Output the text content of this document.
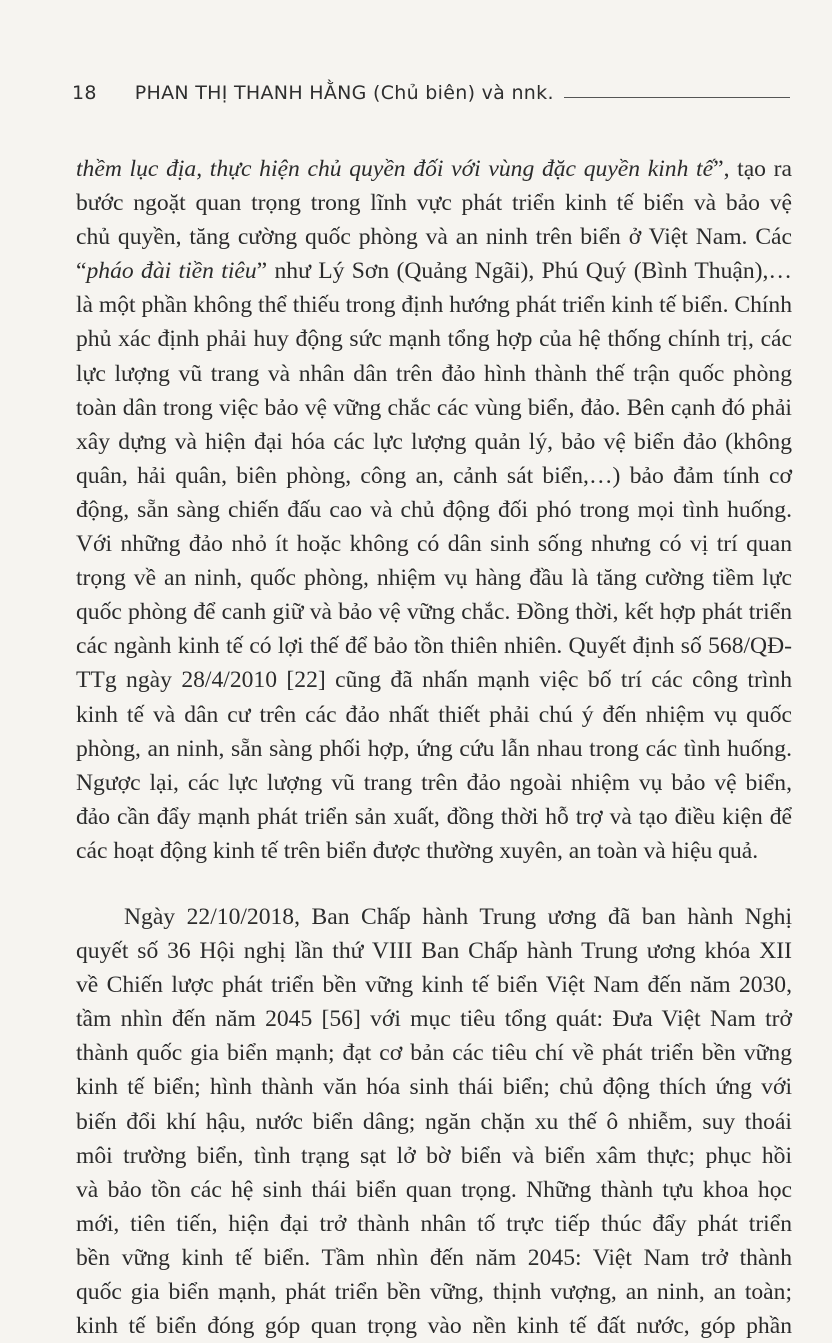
18 PHAN THỊ THANH HẰNG (Chủ biên) và nnk.
thềm lục địa, thực hiện chủ quyền đối với vùng đặc quyền kinh tế”, tạo ra
bước ngoặt quan trọng trong lĩnh vực phát triển kinh tế biển và bảo vệ
chủ quyền, tăng cường quốc phòng và an ninh trên biển ở Việt Nam. Các
“pháo đài tiền tiêu” như Lý Sơn (Quảng Ngãi), Phú Quý (Bình Thuận),…
là một phần không thể thiếu trong định hướng phát triển kinh tế biển. Chính
phủ xác định phải huy động sức mạnh tổng hợp của hệ thống chính trị, các
lực lượng vũ trang và nhân dân trên đảo hình thành thế trận quốc phòng
toàn dân trong việc bảo vệ vững chắc các vùng biển, đảo. Bên cạnh đó phải
xây dựng và hiện đại hóa các lực lượng quản lý, bảo vệ biển đảo (không
quân, hải quân, biên phòng, công an, cảnh sát biển,…) bảo đảm tính cơ
động, sẵn sàng chiến đấu cao và chủ động đối phó trong mọi tình huống.
Với những đảo nhỏ ít hoặc không có dân sinh sống nhưng có vị trí quan
trọng về an ninh, quốc phòng, nhiệm vụ hàng đầu là tăng cường tiềm lực
quốc phòng để canh giữ và bảo vệ vững chắc. Đồng thời, kết hợp phát triển
các ngành kinh tế có lợi thế để bảo tồn thiên nhiên. Quyết định số 568/QĐ-
TTg ngày 28/4/2010 [22] cũng đã nhấn mạnh việc bố trí các công trình
kinh tế và dân cư trên các đảo nhất thiết phải chú ý đến nhiệm vụ quốc
phòng, an ninh, sẵn sàng phối hợp, ứng cứu lẫn nhau trong các tình huống.
Ngược lại, các lực lượng vũ trang trên đảo ngoài nhiệm vụ bảo vệ biển,
đảo cần đẩy mạnh phát triển sản xuất, đồng thời hỗ trợ và tạo điều kiện để
các hoạt động kinh tế trên biển được thường xuyên, an toàn và hiệu quả.
Ngày 22/10/2018, Ban Chấp hành Trung ương đã ban hành Nghị
quyết số 36 Hội nghị lần thứ VIII Ban Chấp hành Trung ương khóa XII
về Chiến lược phát triển bền vững kinh tế biển Việt Nam đến năm 2030,
tầm nhìn đến năm 2045 [56] với mục tiêu tổng quát: Đưa Việt Nam trở
thành quốc gia biển mạnh; đạt cơ bản các tiêu chí về phát triển bền vững
kinh tế biển; hình thành văn hóa sinh thái biển; chủ động thích ứng với
biến đổi khí hậu, nước biển dâng; ngăn chặn xu thế ô nhiễm, suy thoái
môi trường biển, tình trạng sạt lở bờ biển và biển xâm thực; phục hồi
và bảo tồn các hệ sinh thái biển quan trọng. Những thành tựu khoa học
mới, tiên tiến, hiện đại trở thành nhân tố trực tiếp thúc đẩy phát triển
bền vững kinh tế biển. Tầm nhìn đến năm 2045: Việt Nam trở thành
quốc gia biển mạnh, phát triển bền vững, thịnh vượng, an ninh, an toàn;
kinh tế biển đóng góp quan trọng vào nền kinh tế đất nước, góp phần
